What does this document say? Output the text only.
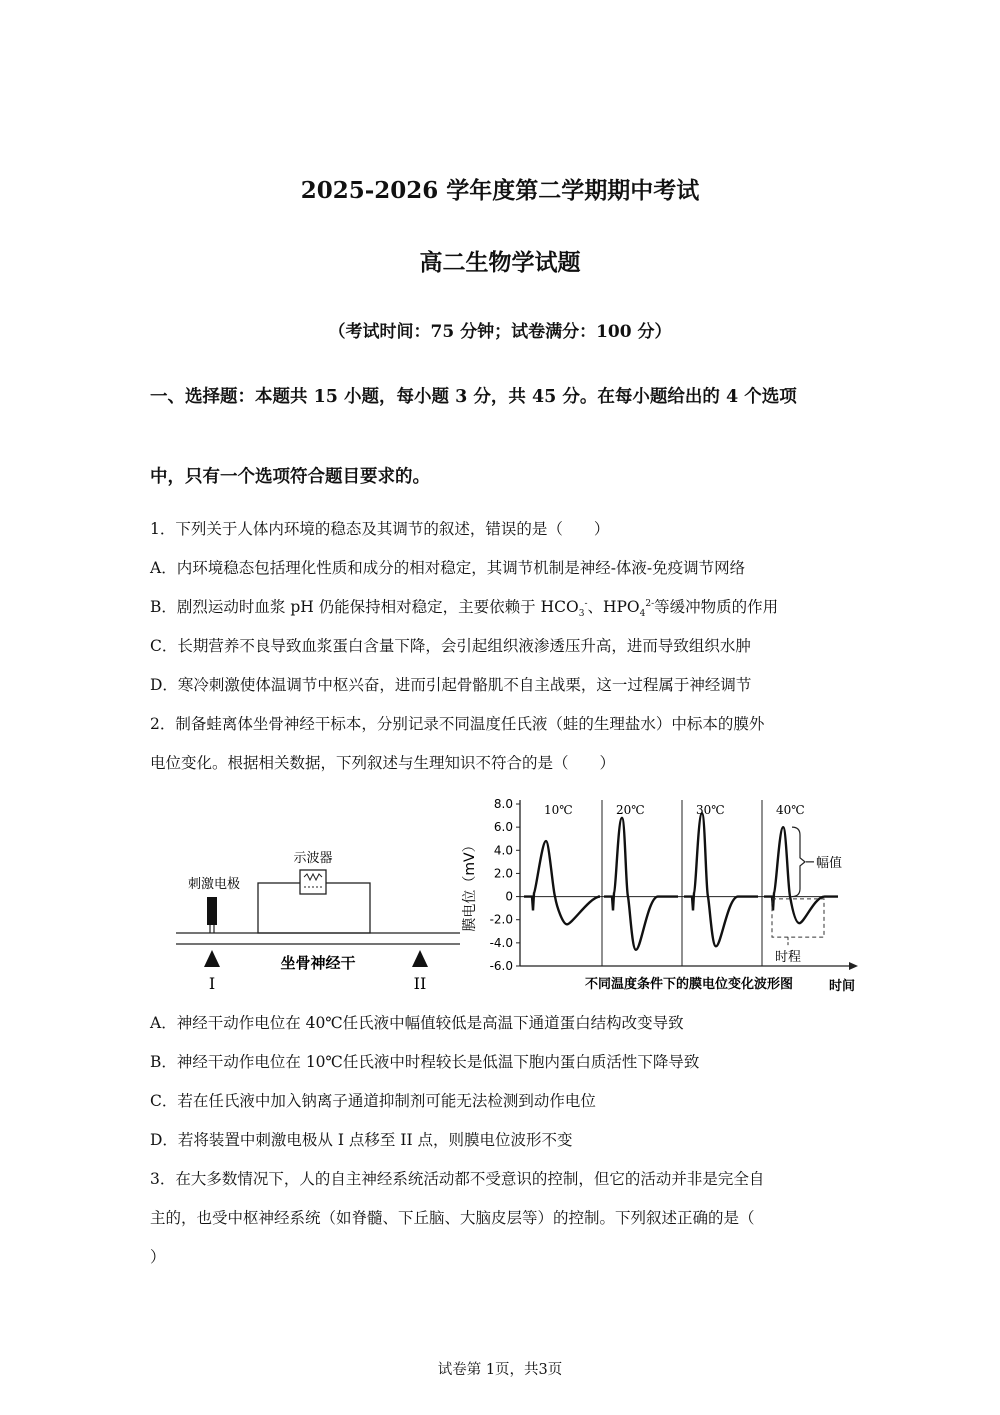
2025-2026 学年度第二学期期中考试
高二生物学试题
（考试时间：75 分钟；试卷满分：100 分）
一、选择题：本题共 15 小题，每小题 3 分，共 45 分。在每小题给出的 4 个选项
中，只有一个选项符合题目要求的。
1．下列关于人体内环境的稳态及其调节的叙述，错误的是（　　）
A．内环境稳态包括理化性质和成分的相对稳定，其调节机制是神经-体液-免疫调节网络
B．剧烈运动时血浆 pH 仍能保持相对稳定，主要依赖于 $HCO_3^-$、$HPO_4^{2-}$等缓冲物质的作用
C．长期营养不良导致血浆蛋白含量下降，会引起组织液渗透压升高，进而导致组织水肿
D．寒冷刺激使体温调节中枢兴奋，进而引起骨骼肌不自主战栗，这一过程属于神经调节
2．制备蛙离体坐骨神经干标本，分别记录不同温度任氏液（蛙的生理盐水）中标本的膜外
电位变化。根据相关数据，下列叙述与生理知识不符合的是（　　）
示波器
刺激电极
坐骨神经干
I	II
膜电位（mV）
8.0
6.0
4.0
2.0
0
-2.0
-4.0
-6.0
10℃	20℃	30℃	40℃
幅值
时程
不同温度条件下的膜电位变化波形图	时间
A．神经干动作电位在 40℃任氏液中幅值较低是高温下通道蛋白结构改变导致
B．神经干动作电位在 10℃任氏液中时程较长是低温下胞内蛋白质活性下降导致
C．若在任氏液中加入钠离子通道抑制剂可能无法检测到动作电位
D．若将装置中刺激电极从 I 点移至 II 点，则膜电位波形不变
3．在大多数情况下，人的自主神经系统活动都不受意识的控制，但它的活动并非是完全自
主的，也受中枢神经系统（如脊髓、下丘脑、大脑皮层等）的控制。下列叙述正确的是（
）
试卷第 1页，共3页
